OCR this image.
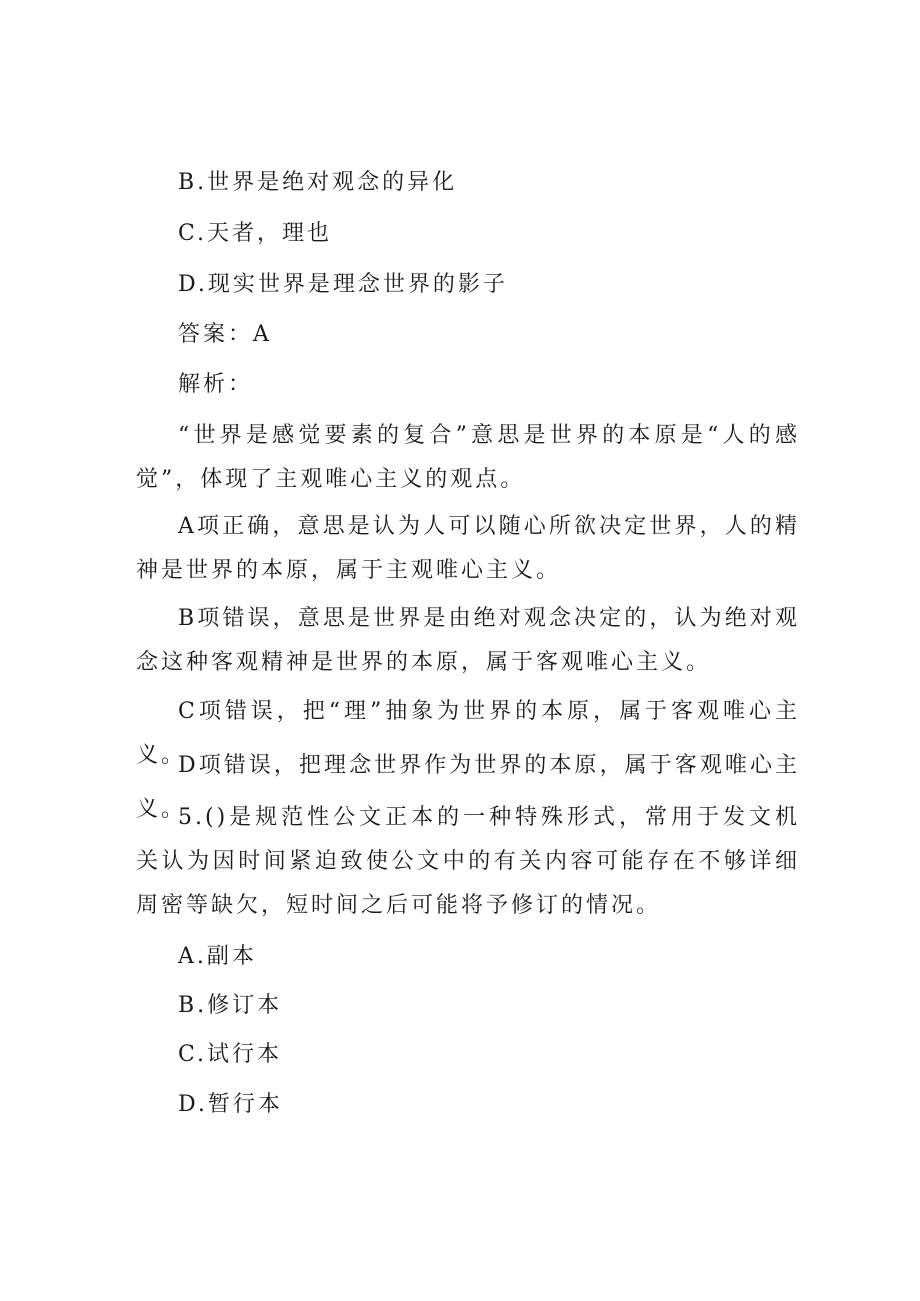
B.世界是绝对观念的异化

C.天者，理也

D.现实世界是理念世界的影子

答案：A

解析：

“世界是感觉要素的复合”意思是世界的本原是“人的感觉”，体现了主观唯心主义的观点。

A项正确，意思是认为人可以随心所欲决定世界，人的精神是世界的本原，属于主观唯心主义。

B项错误，意思是世界是由绝对观念决定的，认为绝对观念这种客观精神是世界的本原，属于客观唯心主义。

C项错误，把“理”抽象为世界的本原，属于客观唯心主义。

D项错误，把理念世界作为世界的本原，属于客观唯心主义。

5.()是规范性公文正本的一种特殊形式，常用于发文机关认为因时间紧迫致使公文中的有关内容可能存在不够详细周密等缺欠，短时间之后可能将予修订的情况。

A.副本

B.修订本

C.试行本

D.暂行本
